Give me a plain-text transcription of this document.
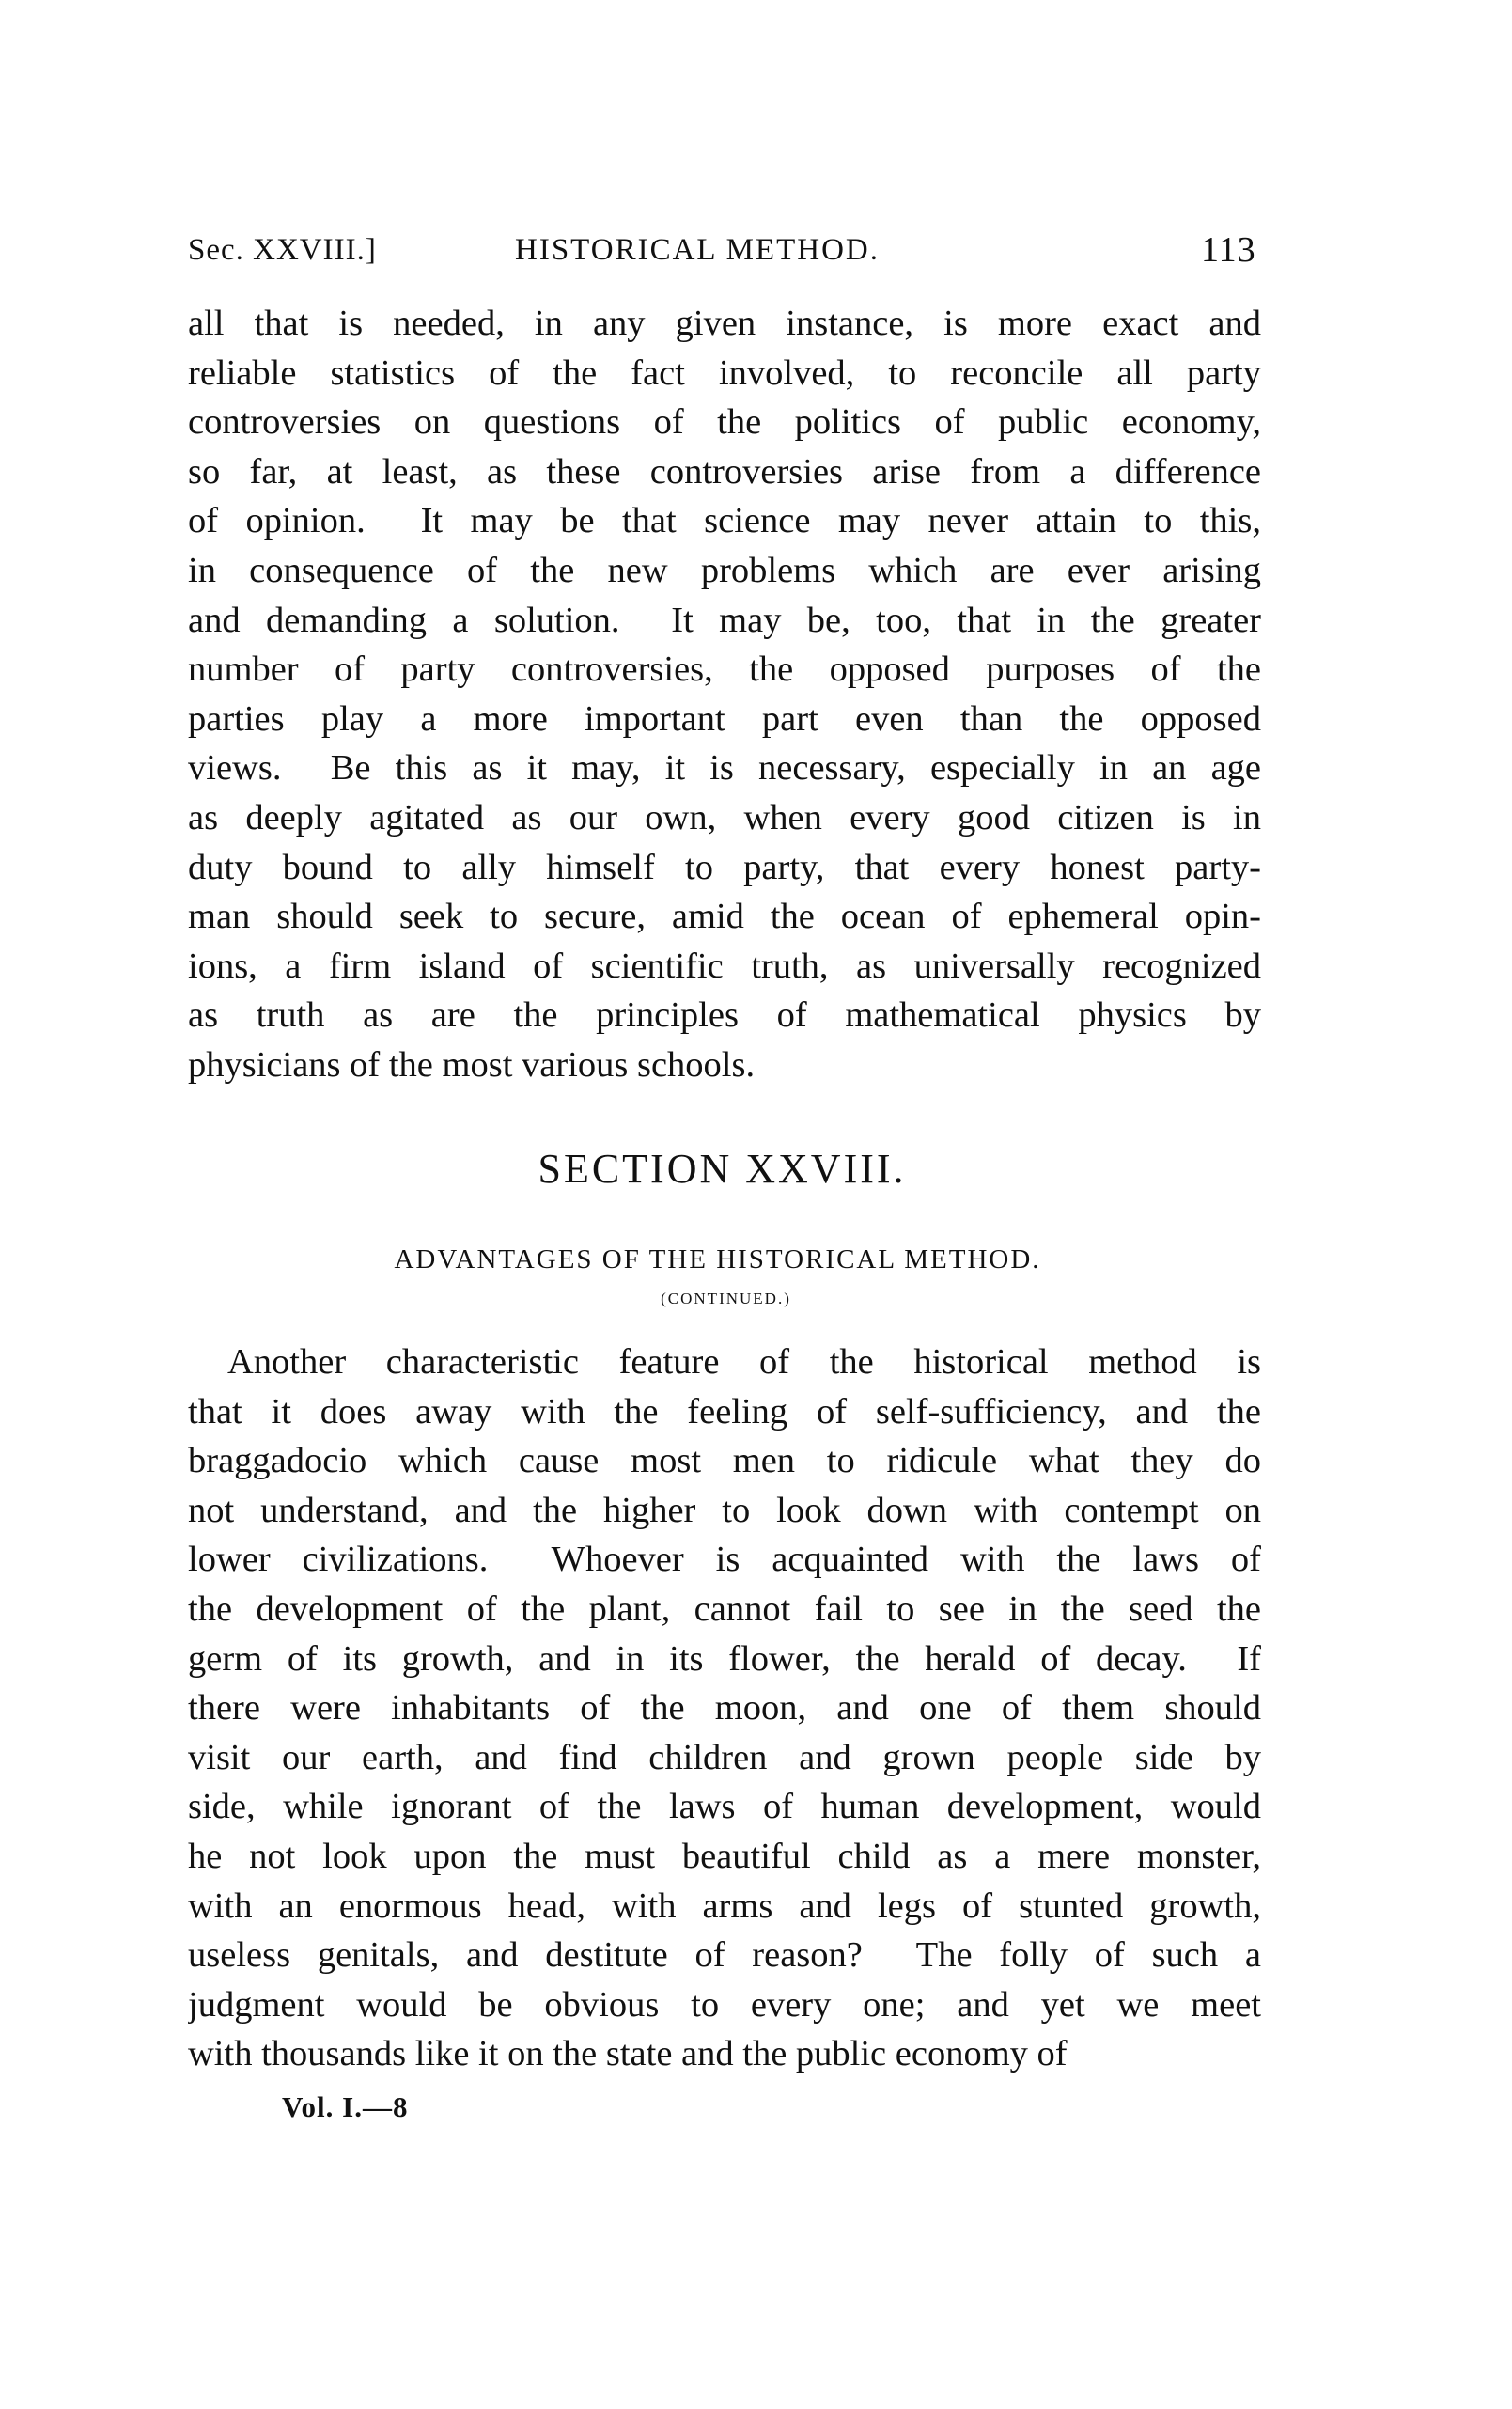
Sec. XXVIII.]	HISTORICAL METHOD.	113
all that is needed, in any given instance, is more exact and
reliable statistics of the fact involved, to reconcile all party
controversies on questions of the politics of public economy,
so far, at least, as these controversies arise from a difference
of opinion.  It may be that science may never attain to this,
in consequence of the new problems which are ever arising
and demanding a solution.  It may be, too, that in the greater
number of party controversies, the opposed purposes of the
parties play a more important part even than the opposed
views.  Be this as it may, it is necessary, especially in an age
as deeply agitated as our own, when every good citizen is in
duty bound to ally himself to party, that every honest party-
man should seek to secure, amid the ocean of ephemeral opin-
ions, a firm island of scientific truth, as universally recognized
as truth as are the principles of mathematical physics by
physicians of the most various schools.
SECTION XXVIII.
ADVANTAGES OF THE HISTORICAL METHOD.
(CONTINUED.)
Another characteristic feature of the historical method is
that it does away with the feeling of self-sufficiency, and the
braggadocio which cause most men to ridicule what they do
not understand, and the higher to look down with contempt on
lower civilizations.  Whoever is acquainted with the laws of
the development of the plant, cannot fail to see in the seed the
germ of its growth, and in its flower, the herald of decay.  If
there were inhabitants of the moon, and one of them should
visit our earth, and find children and grown people side by
side, while ignorant of the laws of human development, would
he not look upon the must beautiful child as a mere monster,
with an enormous head, with arms and legs of stunted growth,
useless genitals, and destitute of reason?  The folly of such a
judgment would be obvious to every one; and yet we meet
with thousands like it on the state and the public economy of
Vol. I.—8
